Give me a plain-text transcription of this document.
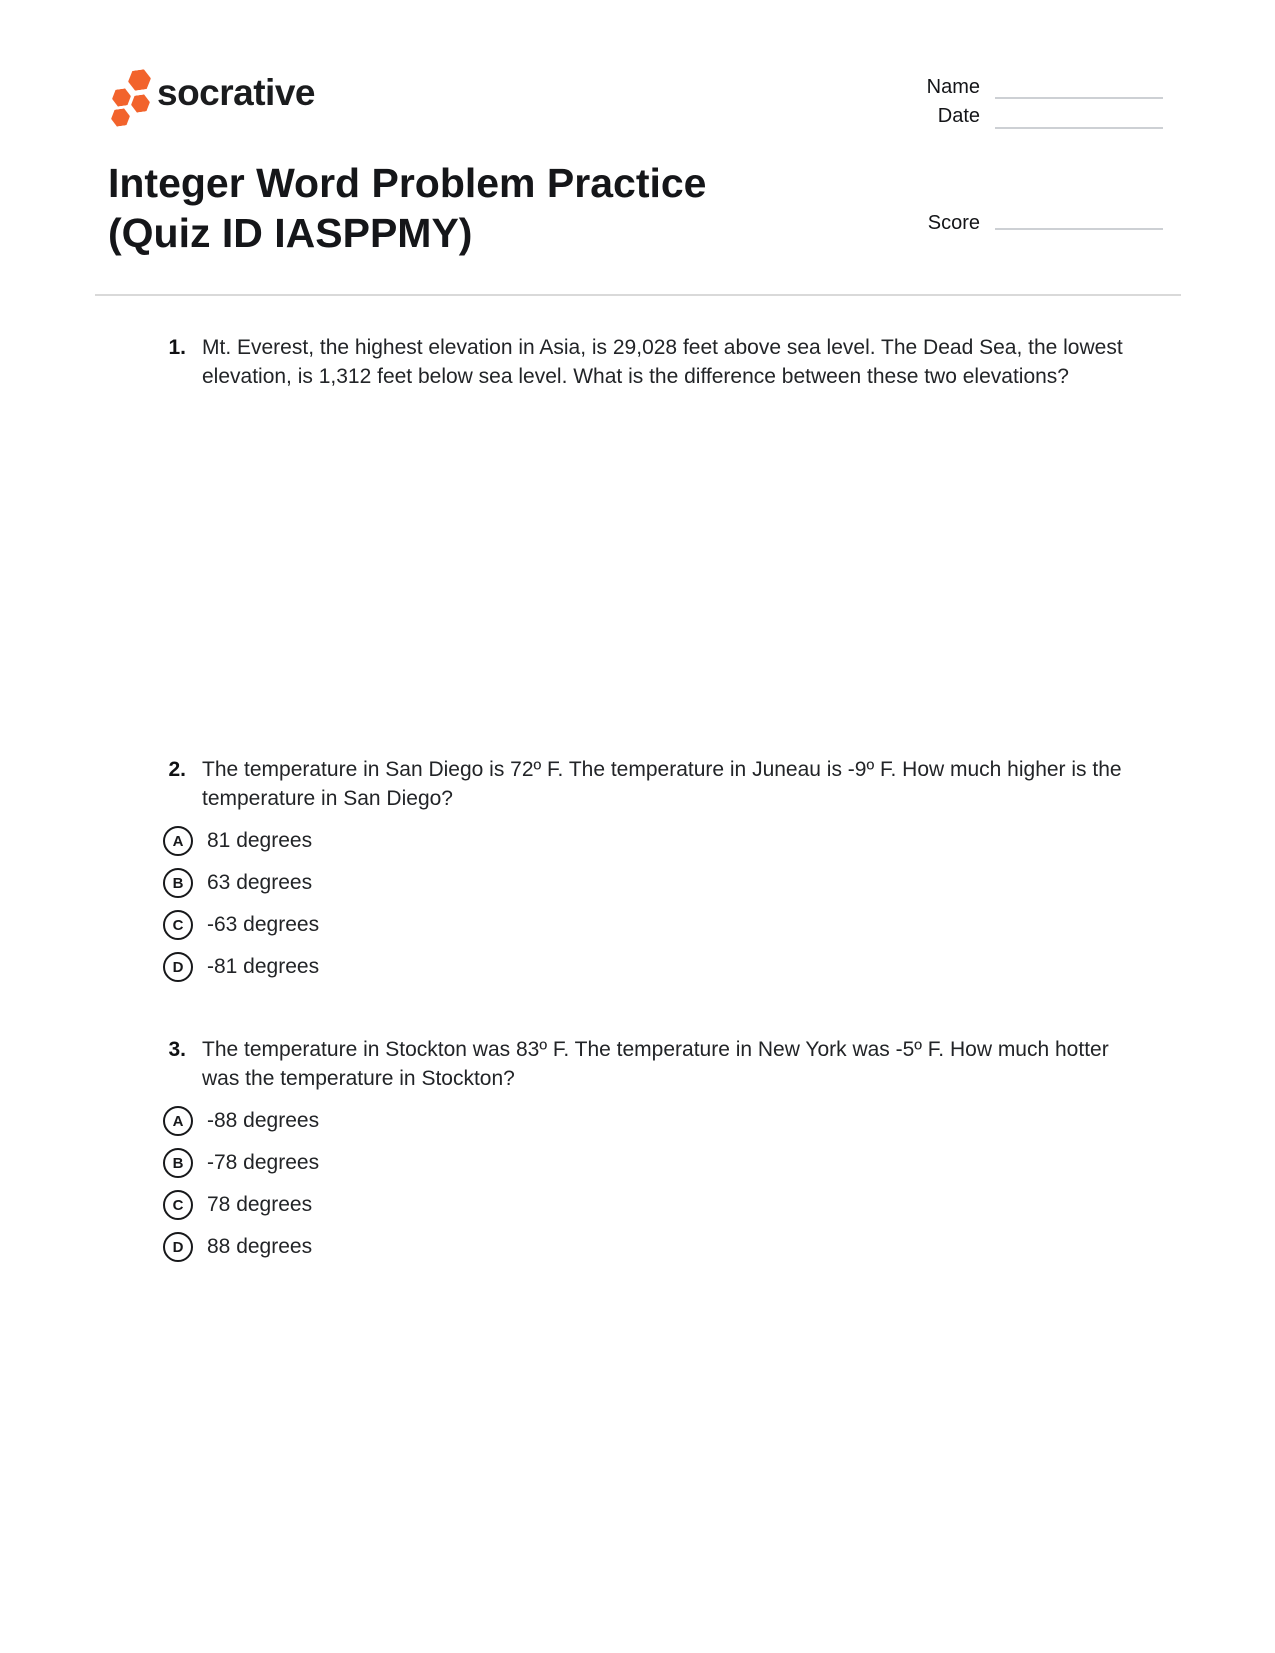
socrative	Name
Date
Score
Integer Word Problem Practice
(Quiz ID IASPPMY)
1. Mt. Everest, the highest elevation in Asia, is 29,028 feet above sea level. The Dead Sea, the lowest elevation, is 1,312 feet below sea level. What is the difference between these two elevations?
2. The temperature in San Diego is 72º F. The temperature in Juneau is -9º F. How much higher is the temperature in San Diego?
A	81 degrees
B	63 degrees
C	-63 degrees
D	-81 degrees
3. The temperature in Stockton was 83º F. The temperature in New York was -5º F. How much hotter was the temperature in Stockton?
A	-88 degrees
B	-78 degrees
C	78 degrees
D	88 degrees
